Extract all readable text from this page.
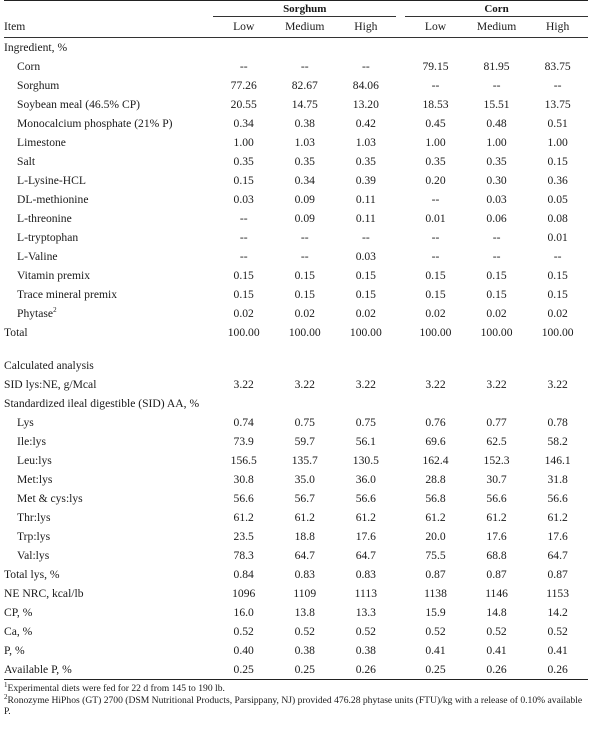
	Sorghum				Corn		
Item	Low	Medium	High		Low	Medium	High
Ingredient, %							
Corn	--	--	--		79.15	81.95	83.75
Sorghum	77.26	82.67	84.06		--	--	--
Soybean meal (46.5% CP)	20.55	14.75	13.20		18.53	15.51	13.75
Monocalcium phosphate (21% P)	0.34	0.38	0.42		0.45	0.48	0.51
Limestone	1.00	1.03	1.03		1.00	1.00	1.00
Salt	0.35	0.35	0.35		0.35	0.35	0.15
L-Lysine-HCL	0.15	0.34	0.39		0.20	0.30	0.36
DL-methionine	0.03	0.09	0.11		--	0.03	0.05
L-threonine	--	0.09	0.11		0.01	0.06	0.08
L-tryptophan	--	--	--		--	--	0.01
L-Valine	--	--	0.03		--	--	--
Vitamin premix	0.15	0.15	0.15		0.15	0.15	0.15
Trace mineral premix	0.15	0.15	0.15		0.15	0.15	0.15
Phytase$^2$	0.02	0.02	0.02		0.02	0.02	0.02
Total	100.00	100.00	100.00		100.00	100.00	100.00

Calculated analysis							
SID lys:NE, g/Mcal	3.22	3.22	3.22		3.22	3.22	3.22
Standardized ileal digestible (SID) AA, %							
Lys	0.74	0.75	0.75		0.76	0.77	0.78
Ile:lys	73.9	59.7	56.1		69.6	62.5	58.2
Leu:lys	156.5	135.7	130.5		162.4	152.3	146.1
Met:lys	30.8	35.0	36.0		28.8	30.7	31.8
Met & cys:lys	56.6	56.7	56.6		56.8	56.6	56.6
Thr:lys	61.2	61.2	61.2		61.2	61.2	61.2
Trp:lys	23.5	18.8	17.6		20.0	17.6	17.6
Val:lys	78.3	64.7	64.7		75.5	68.8	64.7
Total lys, %	0.84	0.83	0.83		0.87	0.87	0.87
NE NRC, kcal/lb	1096	1109	1113		1138	1146	1153
CP, %	16.0	13.8	13.3		15.9	14.8	14.2
Ca, %	0.52	0.52	0.52		0.52	0.52	0.52
P, %	0.40	0.38	0.38		0.41	0.41	0.41
Available P, %	0.25	0.25	0.26		0.25	0.26	0.26

$^1$Experimental diets were fed for 22 d from 145 to 190 lb.

$^2$Ronozyme HiPhos (GT) 2700 (DSM Nutritional Products, Parsippany, NJ) provided 476.28 phytase units (FTU)/kg with a release of 0.10% available P.
